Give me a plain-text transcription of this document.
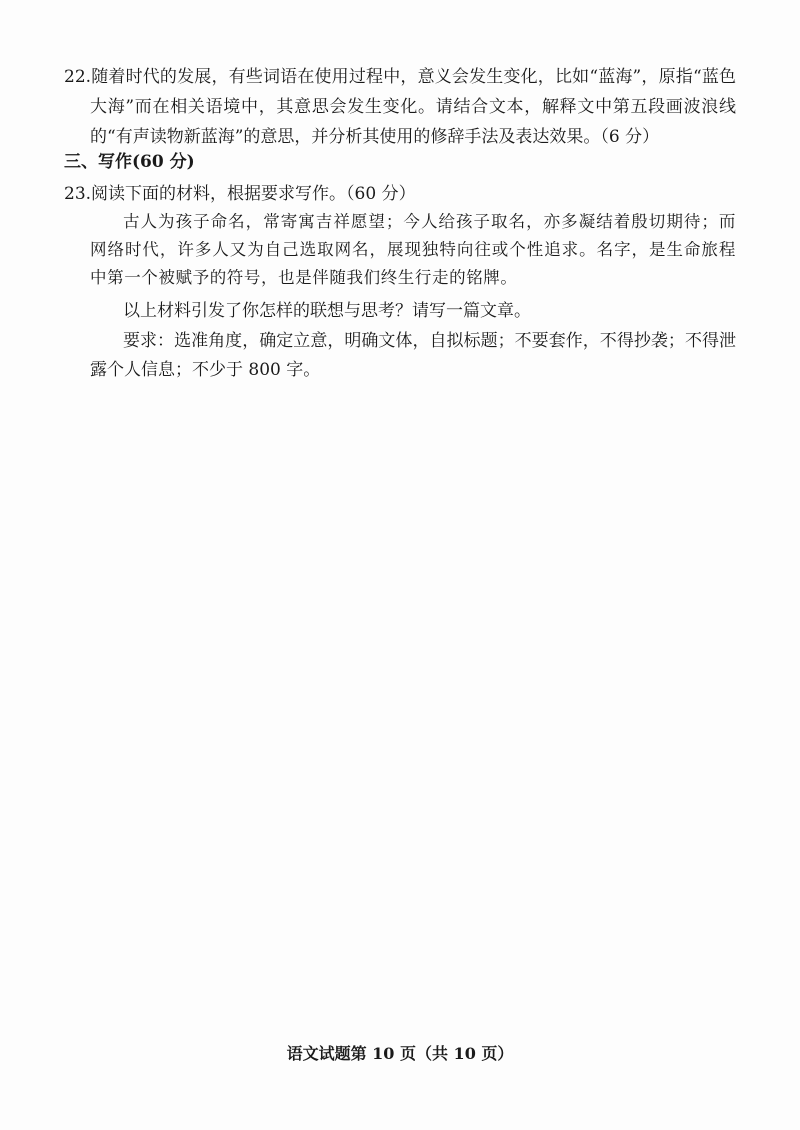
22.随着时代的发展，有些词语在使用过程中，意义会发生变化，比如“蓝海”，原指“蓝色大海”而在相关语境中，其意思会发生变化。请结合文本，解释文中第五段画波浪线的“有声读物新蓝海”的意思，并分析其使用的修辞手法及表达效果。（6 分）
三、写作(60 分)
23.阅读下面的材料，根据要求写作。（60 分）
古人为孩子命名，常寄寓吉祥愿望；今人给孩子取名，亦多凝结着殷切期待；而网络时代，许多人又为自己选取网名，展现独特向往或个性追求。名字，是生命旅程中第一个被赋予的符号，也是伴随我们终生行走的铭牌。
以上材料引发了你怎样的联想与思考？请写一篇文章。
要求：选准角度，确定立意，明确文体，自拟标题；不要套作，不得抄袭；不得泄露个人信息；不少于 800 字。
语文试题第 10 页（共 10 页）
